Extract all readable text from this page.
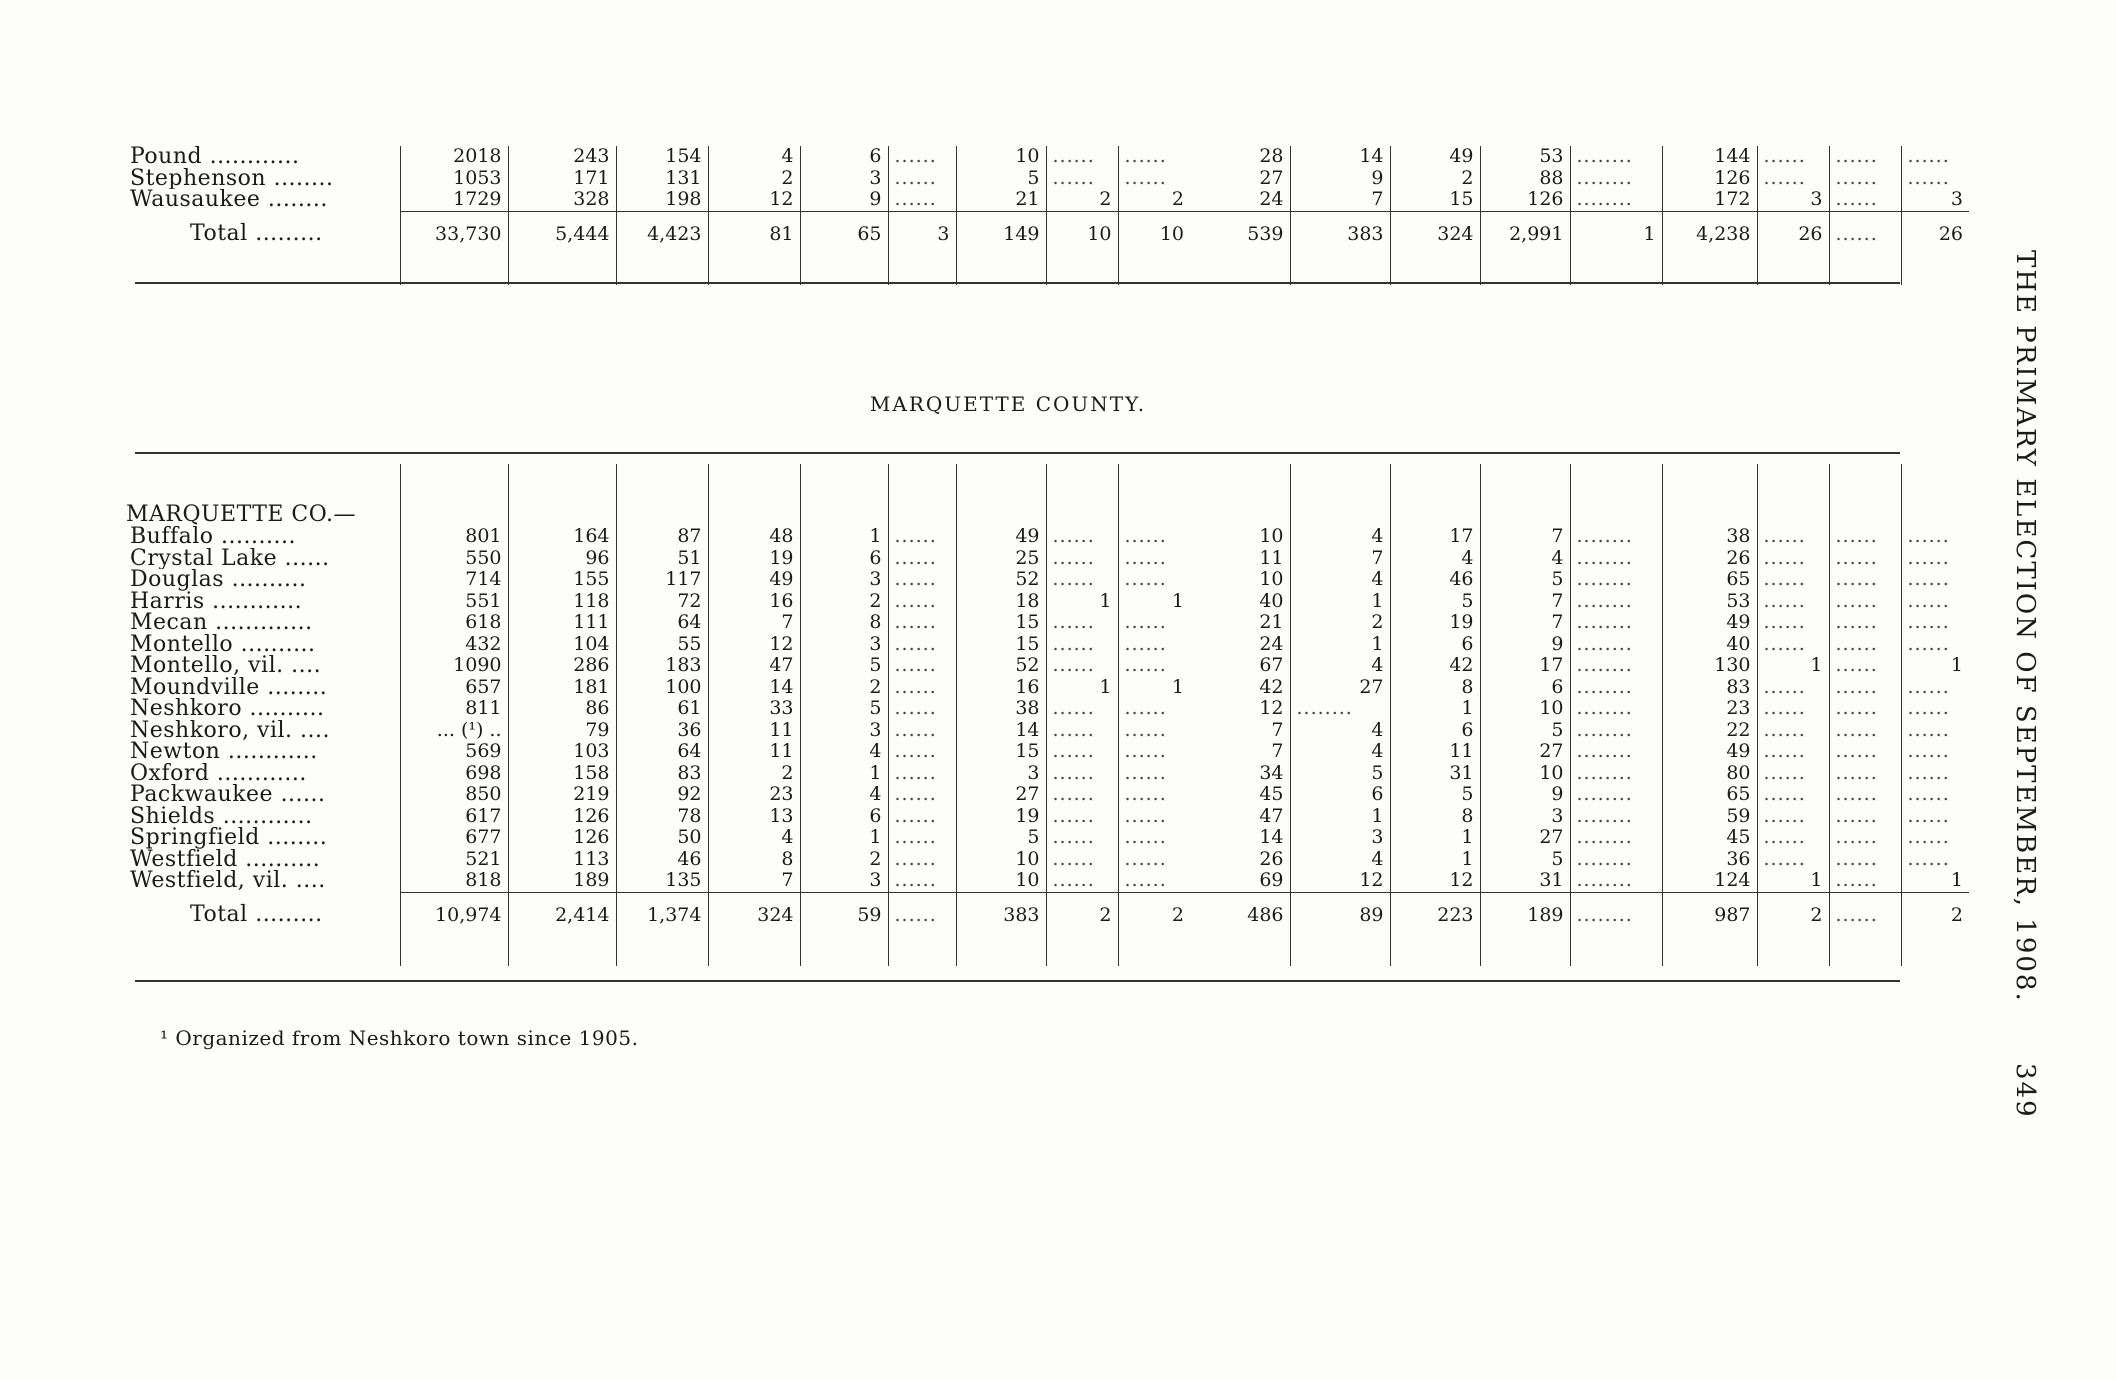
THE PRIMARY ELECTION OF SEPTEMBER, 1908. 349
Pound ............	2018	243	154	4	6	......	10	......	......	28	14	49	53	........	144	......	......	......
Stephenson ........	1053	171	131	2	3	......	5	......	......	27	9	2	88	........	126	......	......	......
Wausaukee ........	1729	328	198	12	9	......	21	2	2	24	7	15	126	........	172	3	......	3
Total .........	33,730	5,444	4,423	81	65	3	149	10	10	539	383	324	2,991	1	4,238	26	......	26

MARQUETTE COUNTY.

MARQUETTE CO.—																		
Buffalo ..........	801	164	87	48	1	......	49	......	......	10	4	17	7	........	38	......	......	......
Crystal Lake ......	550	96	51	19	6	......	25	......	......	11	7	4	4	........	26	......	......	......
Douglas ..........	714	155	117	49	3	......	52	......	......	10	4	46	5	........	65	......	......	......
Harris ............	551	118	72	16	2	......	18	1	1	40	1	5	7	........	53	......	......	......
Mecan .............	618	111	64	7	8	......	15	......	......	21	2	19	7	........	49	......	......	......
Montello ..........	432	104	55	12	3	......	15	......	......	24	1	6	9	........	40	......	......	......
Montello, vil. ....	1090	286	183	47	5	......	52	......	......	67	4	42	17	........	130	1	......	1
Moundville ........	657	181	100	14	2	......	16	1	1	42	27	8	6	........	83	......	......	......
Neshkoro ..........	811	86	61	33	5	......	38	......	......	12	........	1	10	........	23	......	......	......
Neshkoro, vil. ....	... (¹) ..	79	36	11	3	......	14	......	......	7	4	6	5	........	22	......	......	......
Newton ............	569	103	64	11	4	......	15	......	......	7	4	11	27	........	49	......	......	......
Oxford ............	698	158	83	2	1	......	3	......	......	34	5	31	10	........	80	......	......	......
Packwaukee ......	850	219	92	23	4	......	27	......	......	45	6	5	9	........	65	......	......	......
Shields ............	617	126	78	13	6	......	19	......	......	47	1	8	3	........	59	......	......	......
Springfield ........	677	126	50	4	1	......	5	......	......	14	3	1	27	........	45	......	......	......
Westfield ..........	521	113	46	8	2	......	10	......	......	26	4	1	5	........	36	......	......	......
Westfield, vil. ....	818	189	135	7	3	......	10	......	......	69	12	12	31	........	124	1	......	1
Total .........	10,974	2,414	1,374	324	59	......	383	2	2	486	89	223	189	........	987	2	......	2

¹ Organized from Neshkoro town since 1905.
